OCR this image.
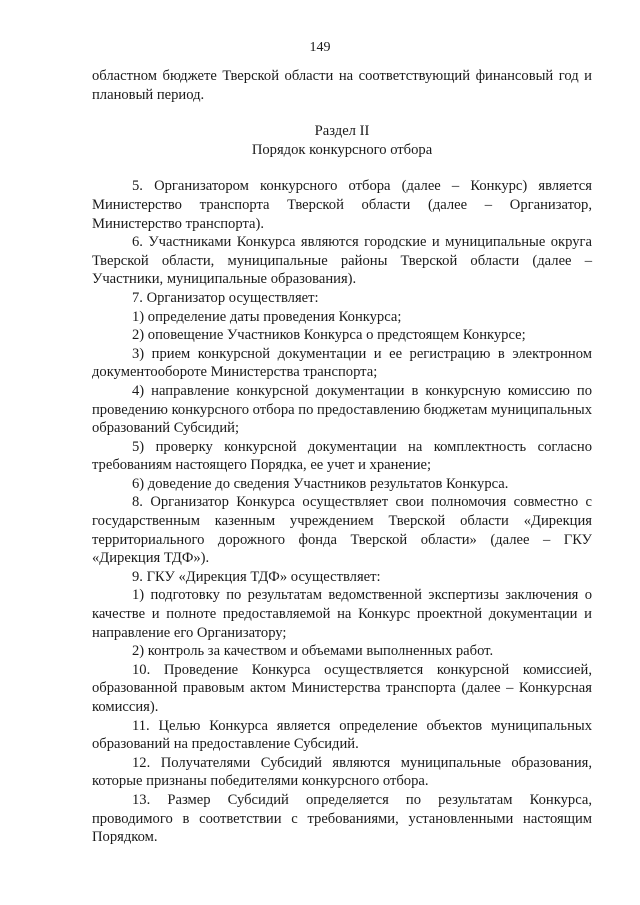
149

областном бюджете Тверской области на соответствующий финансовый год и плановый период.

Раздел II

Порядок конкурсного отбора

5. Организатором конкурсного отбора (далее – Конкурс) является Министерство транспорта Тверской области (далее – Организатор, Министерство транспорта).

6. Участниками Конкурса являются городские и муниципальные округа Тверской области, муниципальные районы Тверской области (далее – Участники, муниципальные образования).

7. Организатор осуществляет:

1) определение даты проведения Конкурса;

2) оповещение Участников Конкурса о предстоящем Конкурсе;

3) прием конкурсной документации и ее регистрацию в электронном документообороте Министерства транспорта;

4) направление конкурсной документации в конкурсную комиссию по проведению конкурсного отбора по предоставлению бюджетам муниципальных образований Субсидий;

5) проверку конкурсной документации на комплектность согласно требованиям настоящего Порядка, ее учет и хранение;

6) доведение до сведения Участников результатов Конкурса.

8. Организатор Конкурса осуществляет свои полномочия совместно с государственным казенным учреждением Тверской области «Дирекция территориального дорожного фонда Тверской области» (далее – ГКУ «Дирекция ТДФ»).

9. ГКУ «Дирекция ТДФ» осуществляет:

1) подготовку по результатам ведомственной экспертизы заключения о качестве и полноте предоставляемой на Конкурс проектной документации и направление его Организатору;

2) контроль за качеством и объемами выполненных работ.

10. Проведение Конкурса осуществляется конкурсной комиссией, образованной правовым актом Министерства транспорта (далее – Конкурсная комиссия).

11. Целью Конкурса является определение объектов муниципальных образований на предоставление Субсидий.

12. Получателями Субсидий являются муниципальные образования, которые признаны победителями конкурсного отбора.

13. Размер Субсидий определяется по результатам Конкурса, проводимого в соответствии с требованиями, установленными настоящим Порядком.
